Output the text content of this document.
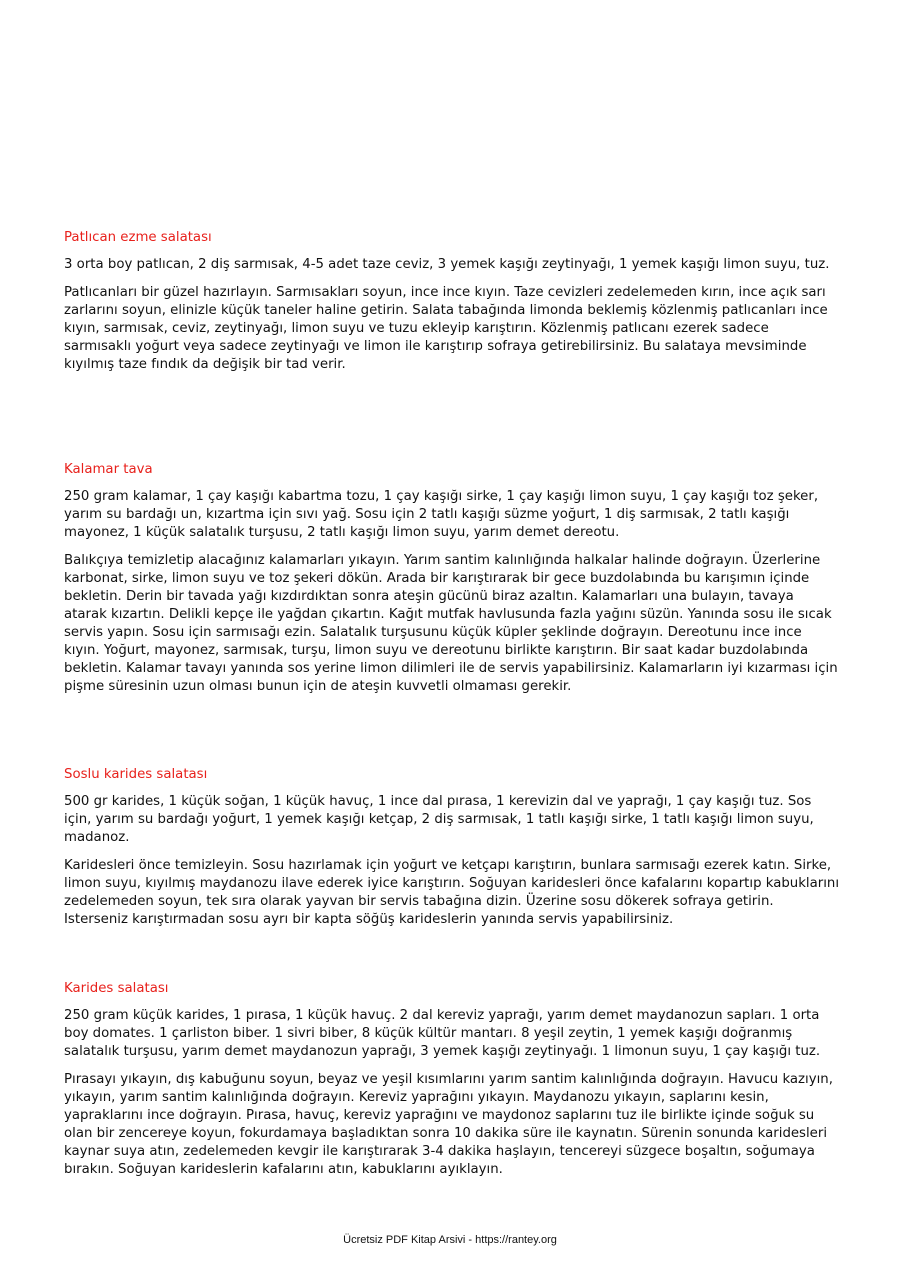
Patlıcan ezme salatası
3 orta boy patlıcan, 2 diş sarmısak, 4-5 adet taze ceviz, 3 yemek kaşığı zeytinyağı, 1 yemek kaşığı limon suyu, tuz.
Patlıcanları bir güzel hazırlayın. Sarmısakları soyun, ince ince kıyın. Taze cevizleri zedelemeden kırın, ince açık sarı zarlarını soyun, elinizle küçük taneler haline getirin. Salata tabağında limonda beklemiş közlenmiş patlıcanları ince kıyın, sarmısak, ceviz, zeytinyağı, limon suyu ve tuzu ekleyip karıştırın. Közlenmiş patlıcanı ezerek sadece sarmısaklı yoğurt veya sadece zeytinyağı ve limon ile karıştırıp sofraya getirebilirsiniz. Bu salataya mevsiminde kıyılmış taze fındık da değişik bir tad verir.
Kalamar tava
250 gram kalamar, 1 çay kaşığı kabartma tozu, 1 çay kaşığı sirke, 1 çay kaşığı limon suyu, 1 çay kaşığı toz şeker, yarım su bardağı un, kızartma için sıvı yağ. Sosu için 2 tatlı kaşığı süzme yoğurt, 1 diş sarmısak, 2 tatlı kaşığı mayonez, 1 küçük salatalık turşusu, 2 tatlı kaşığı limon suyu, yarım demet dereotu.
Balıkçıya temizletip alacağınız kalamarları yıkayın. Yarım santim kalınlığında halkalar halinde doğrayın. Üzerlerine karbonat, sirke, limon suyu ve toz şekeri dökün. Arada bir karıştırarak bir gece buzdolabında bu karışımın içinde bekletin. Derin bir tavada yağı kızdırdıktan sonra ateşin gücünü biraz azaltın. Kalamarları una bulayın, tavaya atarak kızartın. Delikli kepçe ile yağdan çıkartın. Kağıt mutfak havlusunda fazla yağını süzün. Yanında sosu ile sıcak servis yapın. Sosu için sarmısağı ezin. Salatalık turşusunu küçük küpler şeklinde doğrayın. Dereotunu ince ince kıyın. Yoğurt, mayonez, sarmısak, turşu, limon suyu ve dereotunu birlikte karıştırın. Bir saat kadar buzdolabında bekletin. Kalamar tavayı yanında sos yerine limon dilimleri ile de servis yapabilirsiniz. Kalamarların iyi kızarması için pişme süresinin uzun olması bunun için de ateşin kuvvetli olmaması gerekir.
Soslu karides salatası
500 gr karides, 1 küçük soğan, 1 küçük havuç, 1 ince dal pırasa, 1 kerevizin dal ve yaprağı, 1 çay kaşığı tuz. Sos için, yarım su bardağı yoğurt, 1 yemek kaşığı ketçap, 2 diş sarmısak, 1 tatlı kaşığı sirke, 1 tatlı kaşığı limon suyu, madanoz.
Karidesleri önce temizleyin. Sosu hazırlamak için yoğurt ve ketçapı karıştırın, bunlara sarmısağı ezerek katın. Sirke, limon suyu, kıyılmış maydanozu ilave ederek iyice karıştırın. Soğuyan karidesleri önce kafalarını kopartıp kabuklarını zedelemeden soyun, tek sıra olarak yayvan bir servis tabağına dizin. Üzerine sosu dökerek sofraya getirin. Isterseniz karıştırmadan sosu ayrı bir kapta söğüş karideslerin yanında servis yapabilirsiniz.
Karides salatası
250 gram küçük karides, 1 pırasa, 1 küçük havuç. 2 dal kereviz yaprağı, yarım demet maydanozun sapları. 1 orta boy domates. 1 çarliston biber. 1 sivri biber, 8 küçük kültür mantarı. 8 yeşil zeytin, 1 yemek kaşığı doğranmış salatalık turşusu, yarım demet maydanozun yaprağı, 3 yemek kaşığı zeytinyağı. 1 limonun suyu, 1 çay kaşığı tuz.
Pırasayı yıkayın, dış kabuğunu soyun, beyaz ve yeşil kısımlarını yarım santim kalınlığında doğrayın. Havucu kazıyın, yıkayın, yarım santim kalınlığında doğrayın. Kereviz yaprağını yıkayın. Maydanozu yıkayın, saplarını kesin, yapraklarını ince doğrayın. Pırasa, havuç, kereviz yaprağını ve maydonoz saplarını tuz ile birlikte içinde soğuk su olan bir zencereye koyun, fokurdamaya başladıktan sonra 10 dakika süre ile kaynatın. Sürenin sonunda karidesleri kaynar suya atın, zedelemeden kevgir ile karıştırarak 3-4 dakika haşlayın, tencereyi süzgece boşaltın, soğumaya bırakın. Soğuyan karideslerin kafalarını atın, kabuklarını ayıklayın.
Ücretsiz PDF Kitap Arsivi - https://rantey.org
